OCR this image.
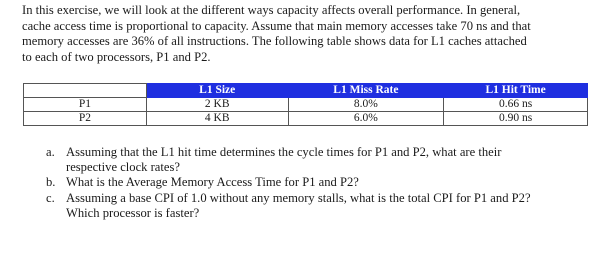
In this exercise, we will look at the different ways capacity affects overall performance. In general,
cache access time is proportional to capacity. Assume that main memory accesses take 70 ns and that
memory accesses are 36% of all instructions. The following table shows data for L1 caches attached
to each of two processors, P1 and P2.

	L1 Size	L1 Miss Rate	L1 Hit Time
P1	2 KB	8.0%	0.66 ns
P2	4 KB	6.0%	0.90 ns
a. Assuming that the L1 hit time determines the cycle times for P1 and P2, what are their
respective clock rates?
b. What is the Average Memory Access Time for P1 and P2?
c. Assuming a base CPI of 1.0 without any memory stalls, what is the total CPI for P1 and P2?
Which processor is faster?
